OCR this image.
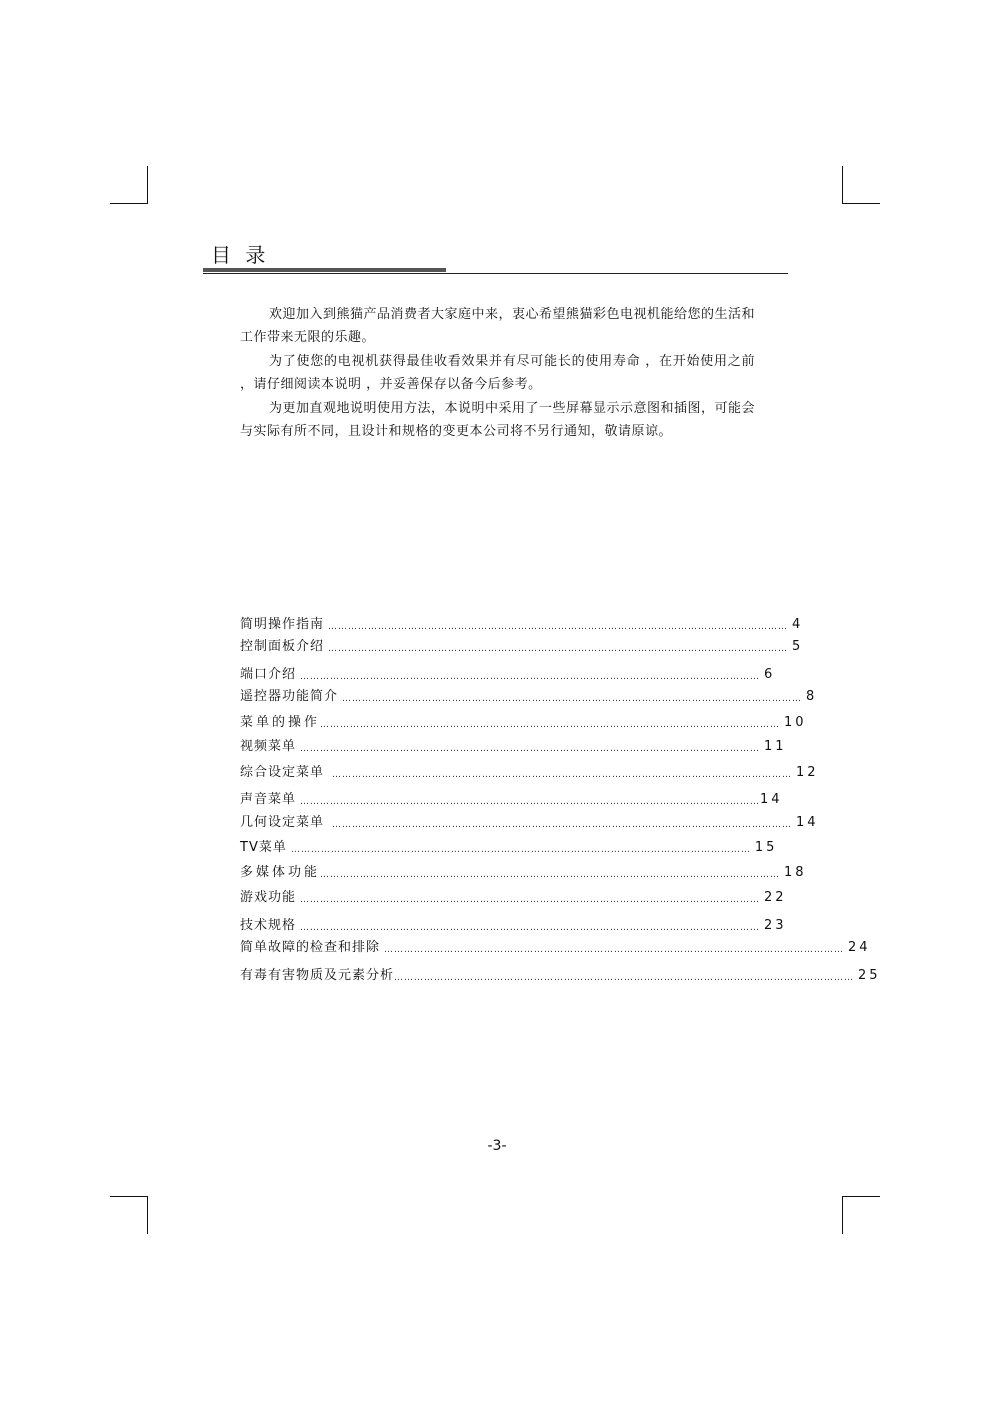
目 录

欢迎加入到熊猫产品消费者大家庭中来，衷心希望熊猫彩色电视机能给您的生活和工作带来无限的乐趣。

为了使您的电视机获得最佳收看效果并有尽可能长的使用寿命 ，在开始使用之前 ，请仔细阅读本说明 ，并妥善保存以备今后参考。

为更加直观地说明使用方法，本说明中采用了一些屏幕显示示意图和插图，可能会与实际有所不同，且设计和规格的变更本公司将不另行通知，敬请原谅。

简明操作指南 ………………………………………………………………………………………………………………………… 4
控制面板介绍 ………………………………………………………………………………………………………………………… 5
端口介绍 ………………………………………………………………………………………………………………………… 6
遥控器功能简介 ………………………………………………………………………………………………………………………… 8
菜单的操作 ………………………………………………………………………………………………………………………… 10
视频菜单 ………………………………………………………………………………………………………………………… 11
综合设定菜单 ………………………………………………………………………………………………………………………… 12
声音菜单 ………………………………………………………………………………………………………………………… 14
几何设定菜单 ………………………………………………………………………………………………………………………… 14
TV菜单 ………………………………………………………………………………………………………………………… 15
多媒体功能 ………………………………………………………………………………………………………………………… 18
游戏功能 ………………………………………………………………………………………………………………………… 22
技术规格 ………………………………………………………………………………………………………………………… 23
简单故障的检查和排除 ………………………………………………………………………………………………………………………… 24
有毒有害物质及元素分析 ………………………………………………………………………………………………………………………… 25
-3-
